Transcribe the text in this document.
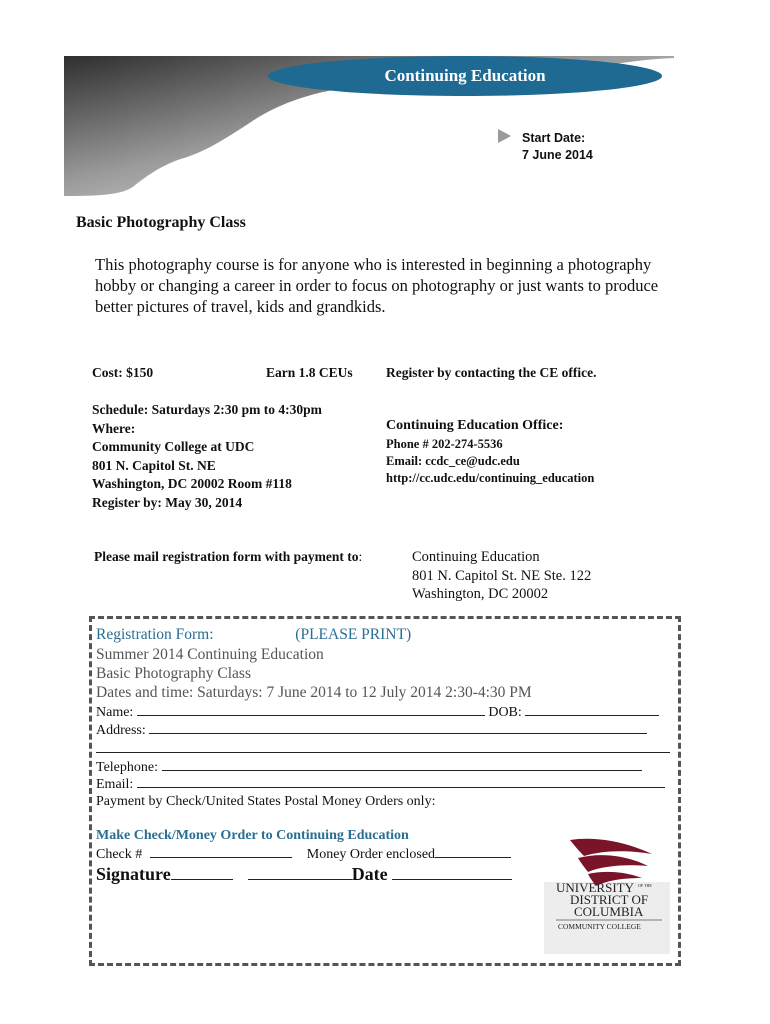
Continuing Education
Start Date:
7 June 2014
Basic Photography Class
This photography course is for anyone who is interested in beginning a photography hobby or changing a career in order to focus on photography or just wants to produce better pictures of travel, kids and grandkids.
Cost: $150	Earn 1.8 CEUs Register by contacting the CE office.
Schedule: Saturdays 2:30 pm to 4:30pm
Where:
Community College at UDC
801 N. Capitol St. NE
Washington, DC 20002 Room #118
Register by: May 30, 2014
Continuing Education Office:
Phone # 202-274-5536
Email: ccdc_ce@udc.edu
http://cc.udc.edu/continuing_education
Please mail registration form with payment to:	Continuing Education
801 N. Capitol St. NE Ste. 122
Washington, DC 20002
Registration Form:	(PLEASE PRINT)
Summer 2014 Continuing Education
Basic Photography Class
Dates and time: Saturdays: 7 June 2014 to 12 July 2014 2:30-4:30 PM
Name:	DOB:
Address:
Telephone:
Email:
Payment by Check/United States Postal Money Orders only:
Make Check/Money Order to Continuing Education
Check #	Money Order enclosed
Signature	Date
UNIVERSITY OF THE
DISTRICT OF
COLUMBIA
COMMUNITY COLLEGE
